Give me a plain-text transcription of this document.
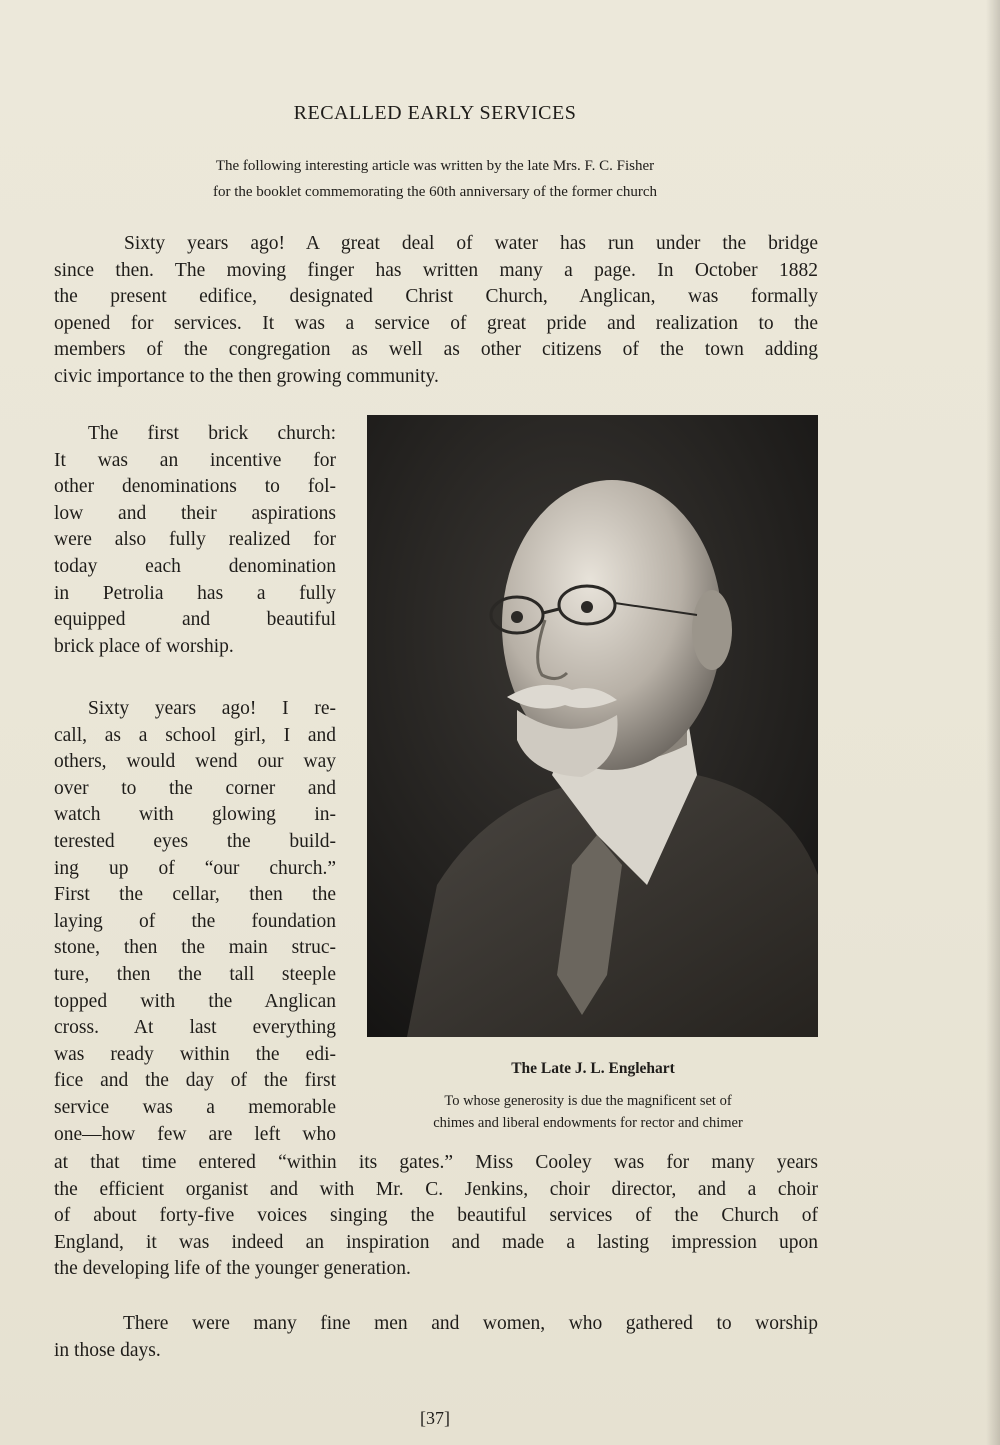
RECALLED EARLY SERVICES
The following interesting article was written by the late Mrs. F. C. Fisher
for the booklet commemorating the 60th anniversary of the former church
Sixty years ago! A great deal of water has run under the bridge
since then. The moving finger has written many a page. In October 1882
the present edifice, designated Christ Church, Anglican, was formally
opened for services. It was a service of great pride and realization to the
members of the congregation as well as other citizens of the town adding
civic importance to the then growing community.
The first brick church:
It was an incentive for
other denominations to fol-
low and their aspirations
were also fully realized for
today each denomination
in Petrolia has a fully
equipped and beautiful
brick place of worship.
Sixty years ago! I re-
call, as a school girl, I and
others, would wend our way
over to the corner and
watch with glowing in-
terested eyes the build-
ing up of “our church.”
First the cellar, then the
laying of the foundation
stone, then the main struc-
ture, then the tall steeple
topped with the Anglican
cross. At last everything
was ready within the edi-
fice and the day of the first
service was a memorable
one—how few are left who
The Late J. L. Englehart
To whose generosity is due the magnificent set of
chimes and liberal endowments for rector and chimer
at that time entered “within its gates.” Miss Cooley was for many years
the efficient organist and with Mr. C. Jenkins, choir director, and a choir
of about forty-five voices singing the beautiful services of the Church of
England, it was indeed an inspiration and made a lasting impression upon
the developing life of the younger generation.
There were many fine men and women, who gathered to worship
in those days.
[37]
